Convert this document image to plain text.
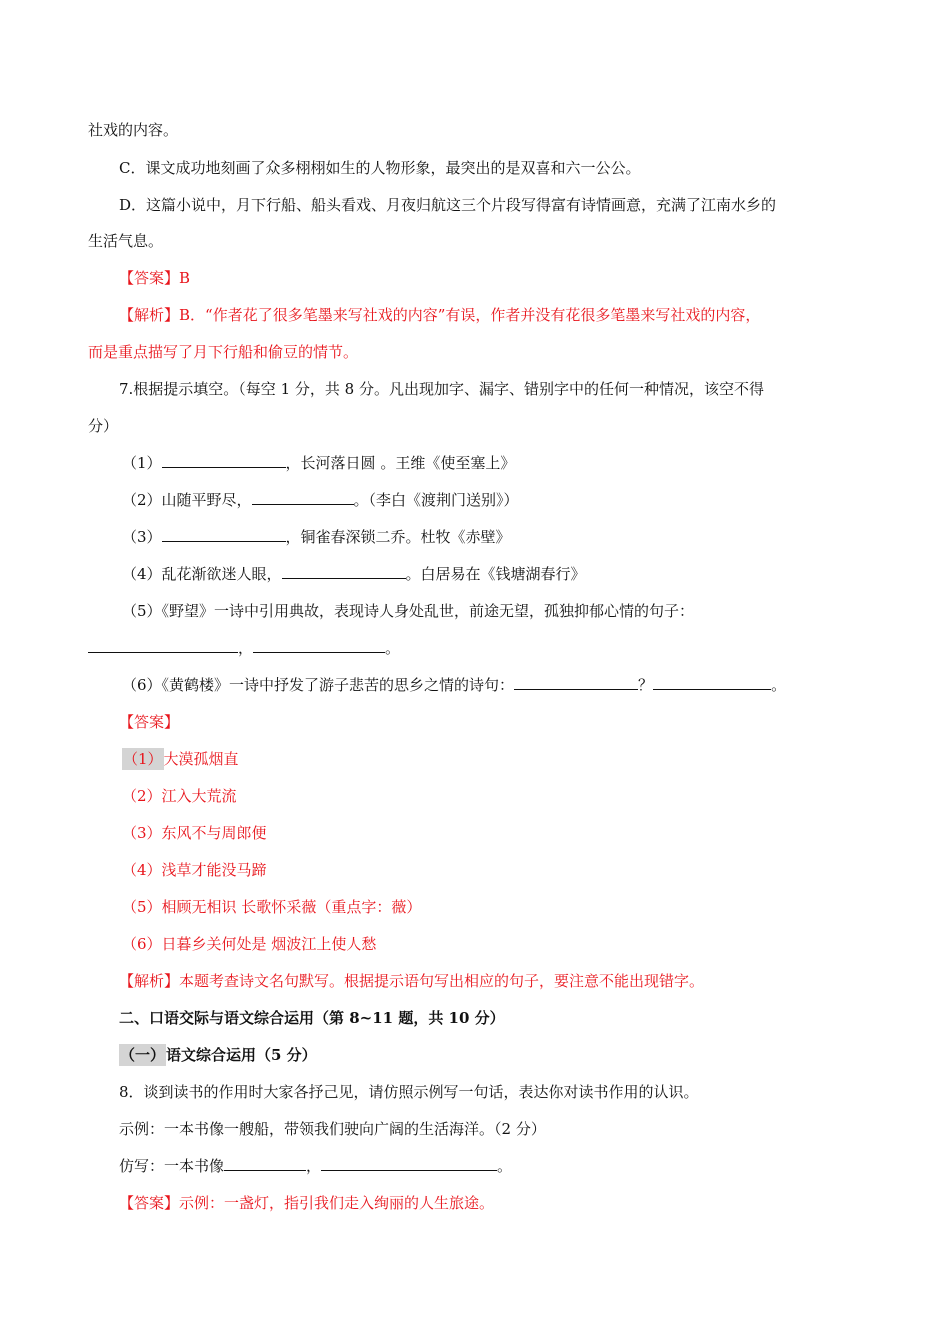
社戏的内容。
C．课文成功地刻画了众多栩栩如生的人物形象，最突出的是双喜和六一公公。
D．这篇小说中，月下行船、船头看戏、月夜归航这三个片段写得富有诗情画意，充满了江南水乡的
生活气息。
【答案】B
【解析】B．“作者花了很多笔墨来写社戏的内容”有误，作者并没有花很多笔墨来写社戏的内容，
而是重点描写了月下行船和偷豆的情节。
7.根据提示填空。（每空 1 分，共 8 分。凡出现加字、漏字、错别字中的任何一种情况，该空不得
分）
（1）	，长河落日圆 。王维《使至塞上》
（2）山随平野尽，	。（李白《渡荆门送别》）
（3）	，铜雀春深锁二乔。杜牧《赤壁》
（4）乱花渐欲迷人眼，	。白居易在《钱塘湖春行》
（5）《野望》一诗中引用典故，表现诗人身处乱世，前途无望，孤独抑郁心情的句子：
，	。
（6）《黄鹤楼》一诗中抒发了游子悲苦的思乡之情的诗句：	？	。
【答案】
（1）大漠孤烟直
（2）江入大荒流
（3）东风不与周郎便
（4）浅草才能没马蹄
（5）相顾无相识 长歌怀采薇（重点字：薇）
（6）日暮乡关何处是 烟波江上使人愁
【解析】本题考查诗文名句默写。根据提示语句写出相应的句子，要注意不能出现错字。
二、口语交际与语文综合运用（第 8~11 题，共 10 分）
（一）语文综合运用（5 分）
8．谈到读书的作用时大家各抒己见，请仿照示例写一句话，表达你对读书作用的认识。
示例：一本书像一艘船，带领我们驶向广阔的生活海洋。（2 分）
仿写：一本书像	，	。
【答案】示例：一盏灯，指引我们走入绚丽的人生旅途。
